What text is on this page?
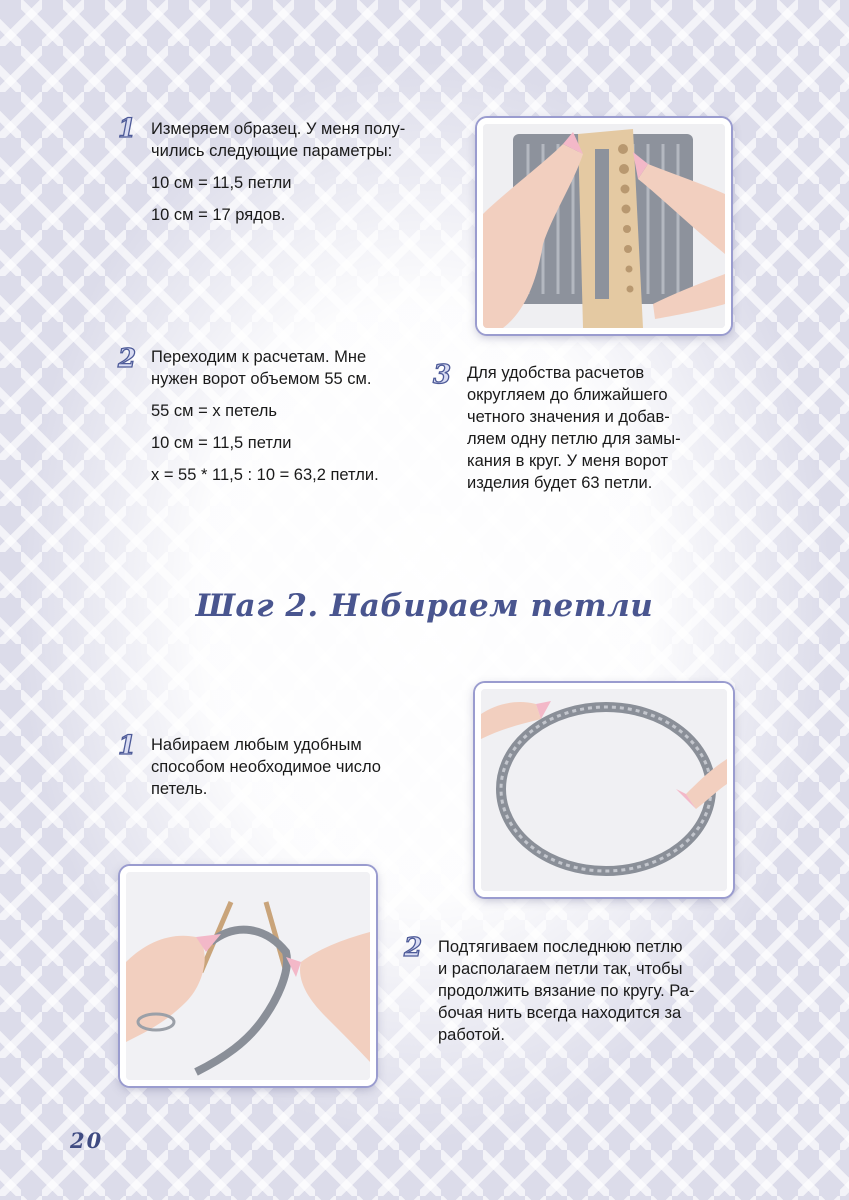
1 Измеряем образец. У меня полу-

чились следующие параметры:

10 см = 11,5 петли

10 см = 17 рядов.

2 Переходим к расчетам. Мне

нужен ворот объемом 55 см.

55 см = x петель

10 см = 11,5 петли

x = 55 * 11,5 : 10 = 63,2 петли.

3 Для удобства расчетов
округляем до ближайшего
четного значения и добав-
ляем одну петлю для замы-
кания в круг. У меня ворот
изделия будет 63 петли.
Шаг 2. Набираем петли
1 Набираем любым удобным
способом необходимое число
петель.
2 Подтягиваем последнюю петлю
и располагаем петли так, чтобы
продолжить вязание по кругу. Ра-
бочая нить всегда находится за
работой.
20
